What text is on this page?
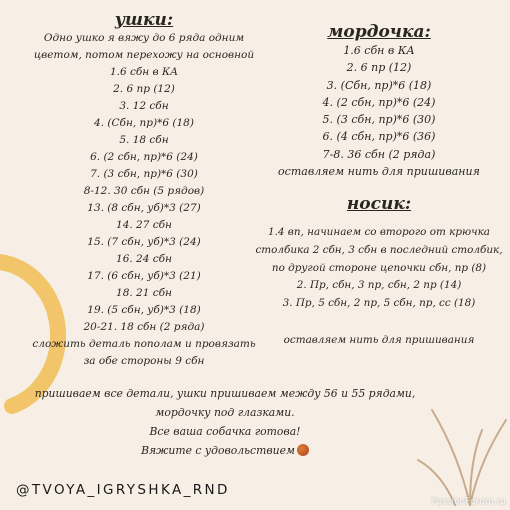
ушки:
Одно ушко я вяжу до 6 ряда одним
цветом, потом перехожу на основной
1.6 сбн в КА
2. 6 пр (12)
3. 12 сбн
4. (Сбн, пр)*6 (18)
5. 18 сбн
6. (2 сбн, пр)*6 (24)
7. (3 сбн, пр)*6 (30)
8-12. 30 сбн (5 рядов)
13. (8 сбн, уб)*3 (27)
14. 27 сбн
15. (7 сбн, уб)*3 (24)
16. 24 сбн
17. (6 сбн, уб)*3 (21)
18. 21 сбн
19. (5 сбн, уб)*3 (18)
20-21. 18 сбн (2 ряда)
сложить деталь пополам и провязать
за обе стороны 9 сбн
мордочка:
1.6 сбн в КА
2. 6 пр (12)
3. (Сбн, пр)*6 (18)
4. (2 сбн, пр)*6 (24)
5. (3 сбн, пр)*6 (30)
6. (4 сбн, пр)*6 (36)
7-8. 36 сбн (2 ряда)
оставляем нить для пришивания
носик:
1.4 вп, начинаем со второго от крючка
столбика 2 сбн, 3 сбн в последний столбик,
по другой стороне цепочки сбн, пр (8)
2. Пр, сбн, 3 пр, сбн, 2 пр (14)
3. Пр, 5 сбн, 2 пр, 5 сбн, пр, сс (18)
оставляем нить для пришивания
пришиваем все детали, ушки пришиваем между 56 и 55 рядами,
мордочку под глазками.
Все ваша собачка готова!
Вяжите с удовольствием
@TVOYA_IGRYSHKA_RND
PassionForum.ru
